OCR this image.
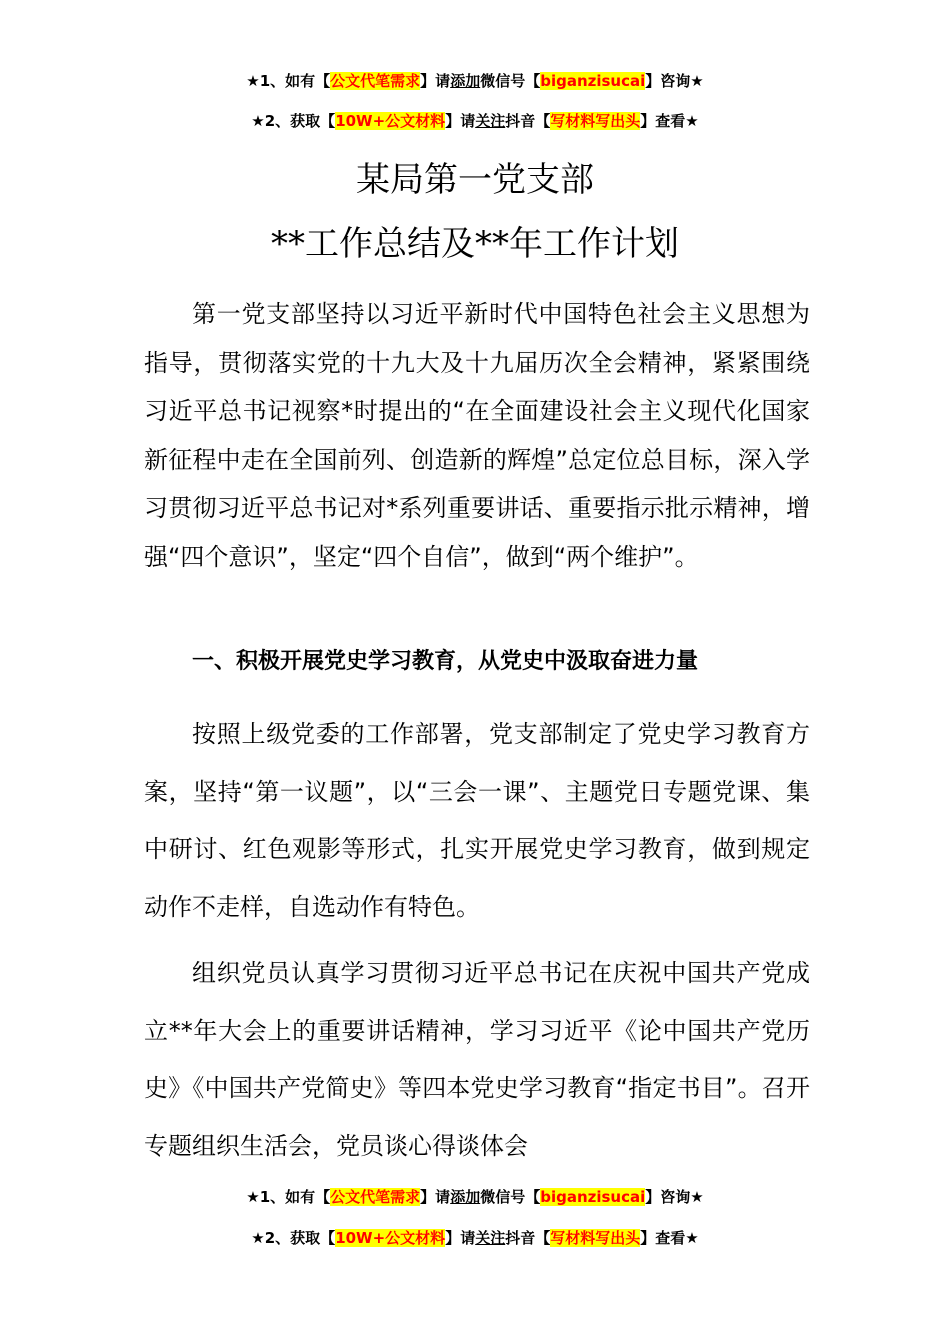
★1、如有【公文代笔需求】请添加微信号【biganzisucai】咨询★
★2、获取【10W+公文材料】请关注抖音【写材料写出头】查看★
某局第一党支部
**工作总结及**年工作计划

第一党支部坚持以习近平新时代中国特色社会主义思想为指导，贯彻落实党的十九大及十九届历次全会精神，紧紧围绕习近平总书记视察*时提出的“在全面建设社会主义现代化国家新征程中走在全国前列、创造新的辉煌”总定位总目标，深入学习贯彻习近平总书记对*系列重要讲话、重要指示批示精神，增强“四个意识”，坚定“四个自信”，做到“两个维护”。

一、积极开展党史学习教育，从党史中汲取奋进力量

按照上级党委的工作部署，党支部制定了党史学习教育方案，坚持“第一议题”，以“三会一课”、主题党日专题党课、集中研讨、红色观影等形式，扎实开展党史学习教育，做到规定动作不走样，自选动作有特色。

组织党员认真学习贯彻习近平总书记在庆祝中国共产党成立**年大会上的重要讲话精神，学习习近平《论中国共产党历史》《中国共产党简史》等四本党史学习教育“指定书目”。召开专题组织生活会，党员谈心得谈体会

★1、如有【公文代笔需求】请添加微信号【biganzisucai】咨询★
★2、获取【10W+公文材料】请关注抖音【写材料写出头】查看★
